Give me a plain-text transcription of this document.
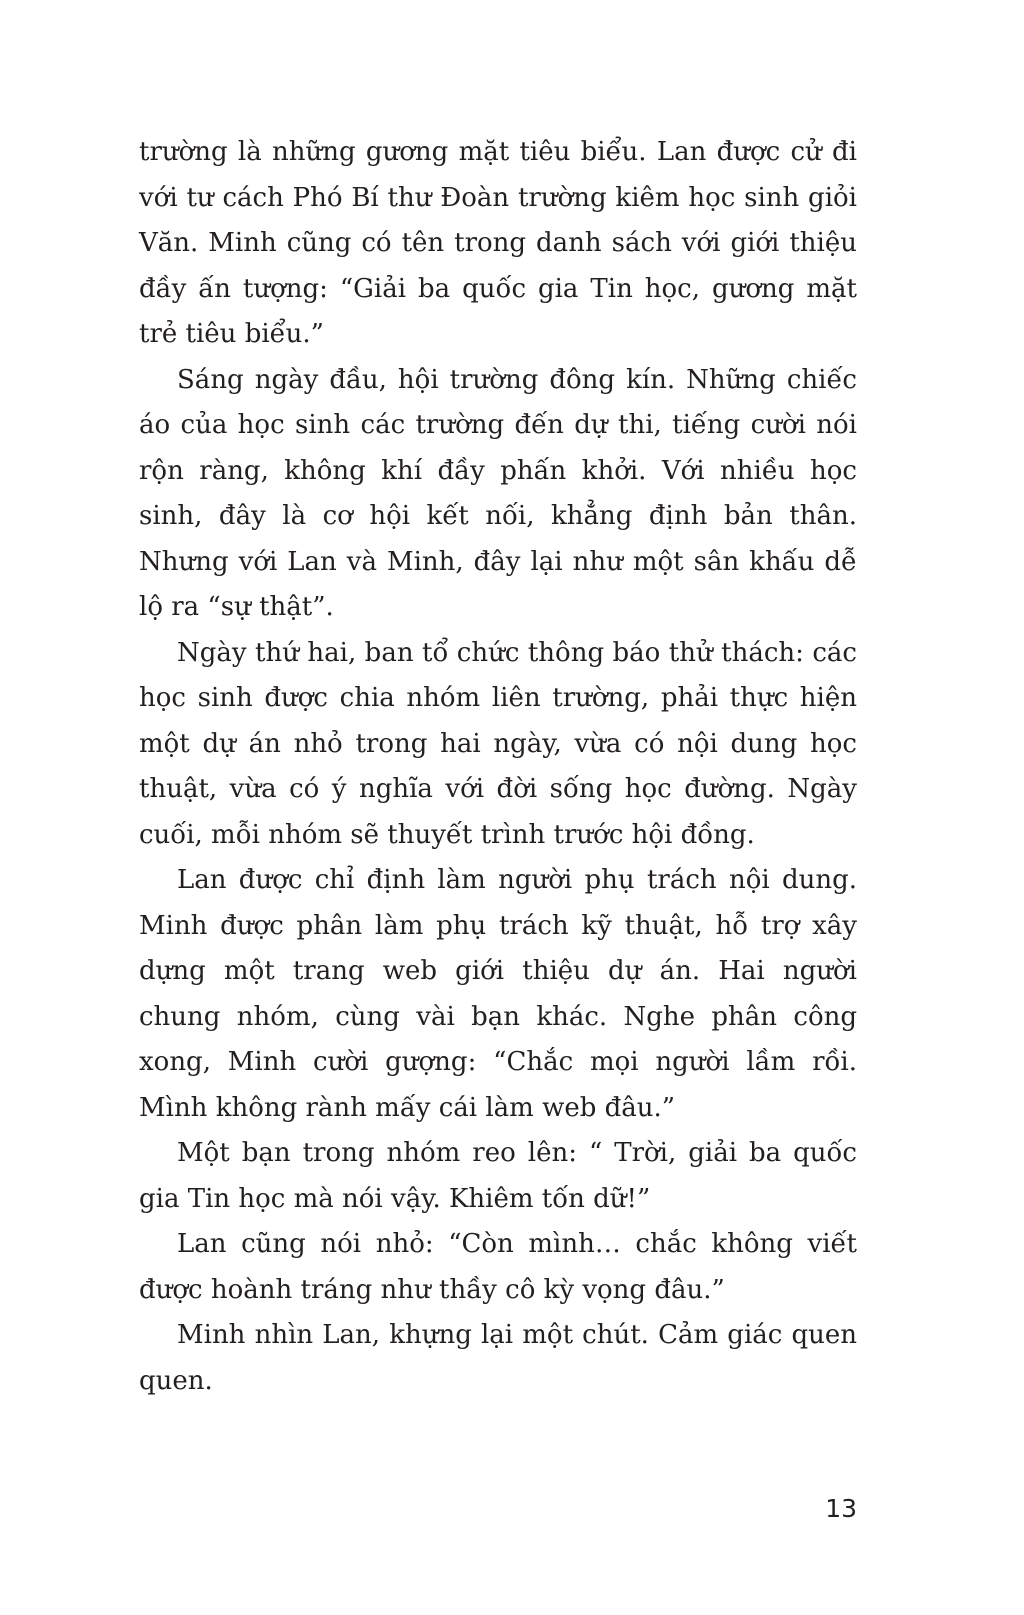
trường là những gương mặt tiêu biểu. Lan được cử đi với tư cách Phó Bí thư Đoàn trường kiêm học sinh giỏi Văn. Minh cũng có tên trong danh sách với giới thiệu đầy ấn tượng: “Giải ba quốc gia Tin học, gương mặt trẻ tiêu biểu.”

Sáng ngày đầu, hội trường đông kín. Những chiếc áo của học sinh các trường đến dự thi, tiếng cười nói rộn ràng, không khí đầy phấn khởi. Với nhiều học sinh, đây là cơ hội kết nối, khẳng định bản thân. Nhưng với Lan và Minh, đây lại như một sân khấu dễ lộ ra “sự thật”.

Ngày thứ hai, ban tổ chức thông báo thử thách: các học sinh được chia nhóm liên trường, phải thực hiện một dự án nhỏ trong hai ngày, vừa có nội dung học thuật, vừa có ý nghĩa với đời sống học đường. Ngày cuối, mỗi nhóm sẽ thuyết trình trước hội đồng.

Lan được chỉ định làm người phụ trách nội dung. Minh được phân làm phụ trách kỹ thuật, hỗ trợ xây dựng một trang web giới thiệu dự án. Hai người chung nhóm, cùng vài bạn khác. Nghe phân công xong, Minh cười gượng: “Chắc mọi người lầm rồi. Mình không rành mấy cái làm web đâu.”

Một bạn trong nhóm reo lên: “ Trời, giải ba quốc gia Tin học mà nói vậy. Khiêm tốn dữ!”

Lan cũng nói nhỏ: “Còn mình… chắc không viết được hoành tráng như thầy cô kỳ vọng đâu.”

Minh nhìn Lan, khựng lại một chút. Cảm giác quen quen.

13
